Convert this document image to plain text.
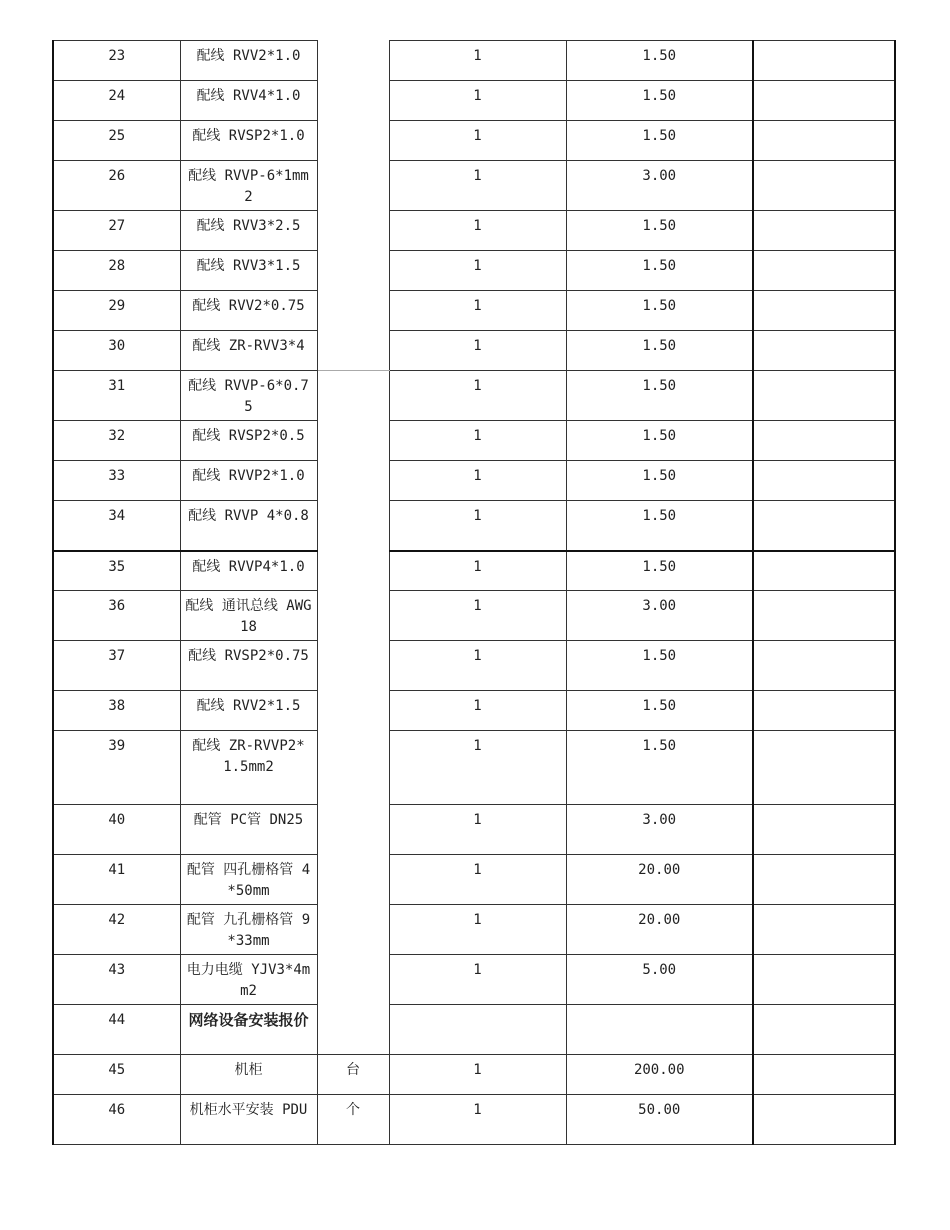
23	配线 RVV2*1.0		1	1.50	
24	配线 RVV4*1.0		1	1.50	
25	配线 RVSP2*1.0		1	1.50	
26	配线 RVVP-6*1mm2		1	3.00	
27	配线 RVV3*2.5		1	1.50	
28	配线 RVV3*1.5		1	1.50	
29	配线 RVV2*0.75		1	1.50	
30	配线 ZR-RVV3*4		1	1.50	
31	配线 RVVP-6*0.75		1	1.50	
32	配线 RVSP2*0.5		1	1.50	
33	配线 RVVP2*1.0		1	1.50	
34	配线 RVVP 4*0.8		1	1.50	
35	配线 RVVP4*1.0		1	1.50	
36	配线 通讯总线 AWG18		1	3.00	
37	配线 RVSP2*0.75		1	1.50	
38	配线 RVV2*1.5		1	1.50	
39	配线 ZR-RVVP2*1.5mm2		1	1.50	
40	配管 PC管 DN25		1	3.00	
41	配管 四孔栅格管 4*50mm		1	20.00	
42	配管 九孔栅格管 9*33mm		1	20.00	
43	电力电缆 YJV3*4mm2		1	5.00	
44	网络设备安装报价				
45	机柜	台	1	200.00	
46	机柜水平安装 PDU	个	1	50.00	
